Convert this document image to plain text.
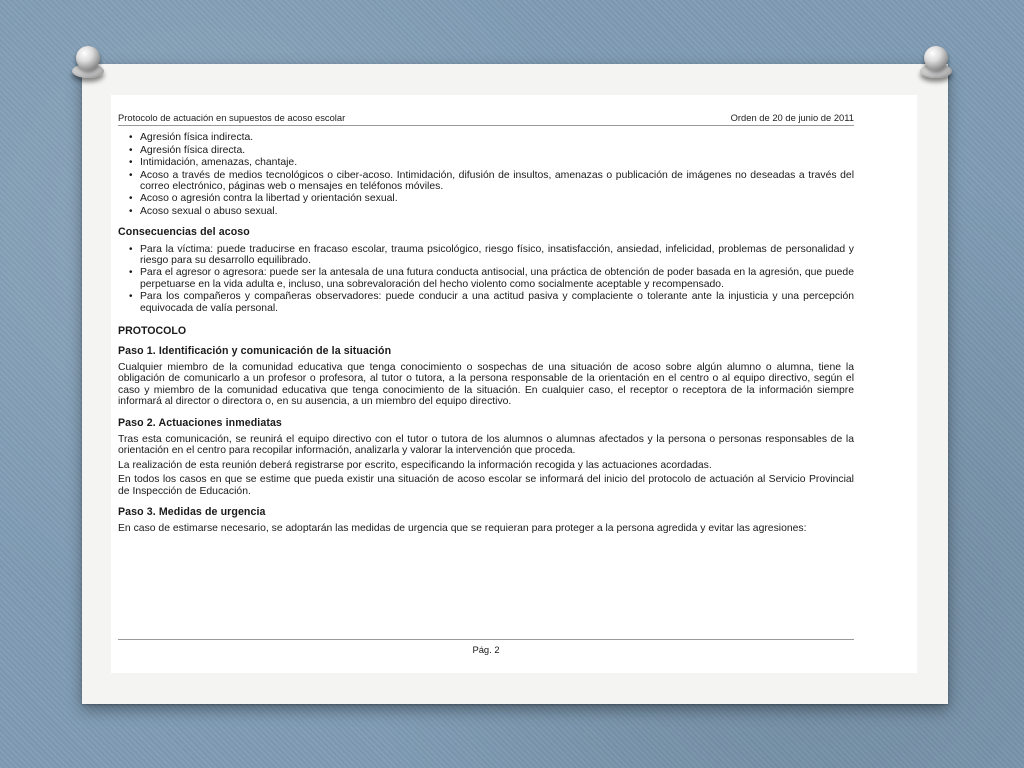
Protocolo de actuación en supuestos de acoso escolar	Orden de 20 de junio de 2011
• Agresión física indirecta.
• Agresión física directa.
• Intimidación, amenazas, chantaje.
• Acoso a través de medios tecnológicos o ciber-acoso. Intimidación, difusión de insultos, amenazas o publicación de imágenes no deseadas a través del correo electrónico, páginas web o mensajes en teléfonos móviles.
• Acoso o agresión contra la libertad y orientación sexual.
• Acoso sexual o abuso sexual.
Consecuencias del acoso
• Para la víctima: puede traducirse en fracaso escolar, trauma psicológico, riesgo físico, insatisfacción, ansiedad, infelicidad, problemas de personalidad y riesgo para su desarrollo equilibrado.
• Para el agresor o agresora: puede ser la antesala de una futura conducta antisocial, una práctica de obtención de poder basada en la agresión, que puede perpetuarse en la vida adulta e, incluso, una sobrevaloración del hecho violento como socialmente aceptable y recompensado.
• Para los compañeros y compañeras observadores: puede conducir a una actitud pasiva y complaciente o tolerante ante la injusticia y una percepción equivocada de valía personal.
PROTOCOLO
Paso 1. Identificación y comunicación de la situación

Cualquier miembro de la comunidad educativa que tenga conocimiento o sospechas de una situación de acoso sobre algún alumno o alumna, tiene la obligación de comunicarlo a un profesor o profesora, al tutor o tutora, a la persona responsable de la orientación en el centro o al equipo directivo, según el caso y miembro de la comunidad educativa que tenga conocimiento de la situación. En cualquier caso, el receptor o receptora de la información siempre informará al director o directora o, en su ausencia, a un miembro del equipo directivo.

Paso 2. Actuaciones inmediatas

Tras esta comunicación, se reunirá el equipo directivo con el tutor o tutora de los alumnos o alumnas afectados y la persona o personas responsables de la orientación en el centro para recopilar información, analizarla y valorar la intervención que proceda.

La realización de esta reunión deberá registrarse por escrito, especificando la información recogida y las actuaciones acordadas.

En todos los casos en que se estime que pueda existir una situación de acoso escolar se informará del inicio del protocolo de actuación al Servicio Provincial de Inspección de Educación.

Paso 3. Medidas de urgencia

En caso de estimarse necesario, se adoptarán las medidas de urgencia que se requieran para proteger a la persona agredida y evitar las agresiones:

Pág. 2
